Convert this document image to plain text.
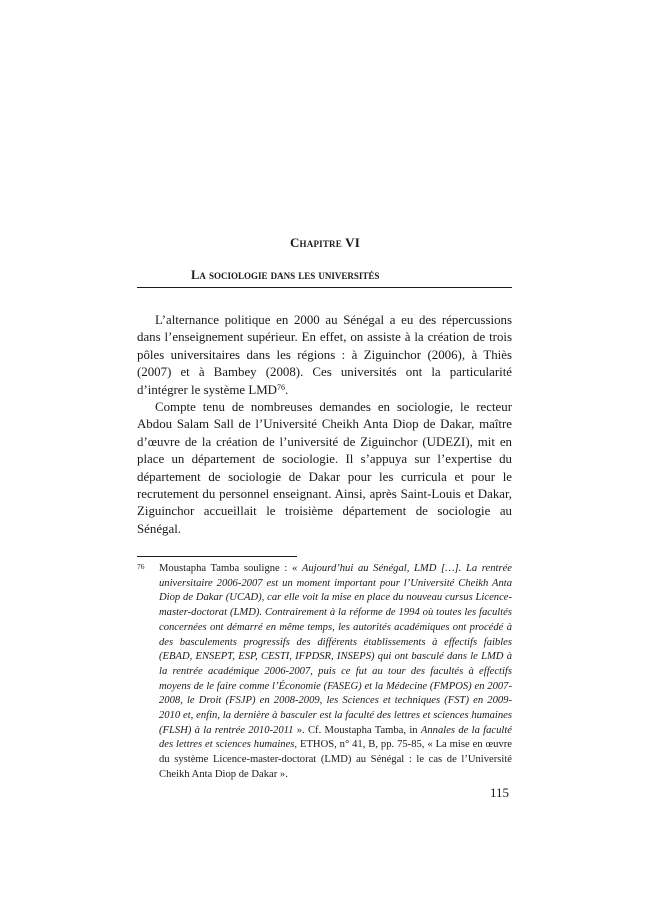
Chapitre VI
La sociologie dans les universités

L’alternance politique en 2000 au Sénégal a eu des répercussions dans l’enseignement supérieur. En effet, on assiste à la création de trois pôles universitaires dans les régions : à Ziguinchor (2006), à Thiès (2007) et à Bambey (2008). Ces universités ont la particularité d’intégrer le système LMD$^{76}$.

Compte tenu de nombreuses demandes en sociologie, le recteur Abdou Salam Sall de l’Université Cheikh Anta Diop de Dakar, maître d’œuvre de la création de l’université de Ziguinchor (UDEZI), mit en place un département de sociologie. Il s’appuya sur l’expertise du département de sociologie de Dakar pour les curricula et pour le recrutement du personnel enseignant. Ainsi, après Saint-Louis et Dakar, Ziguinchor accueillait le troisième département de sociologie au Sénégal.

76 Moustapha Tamba souligne : « Aujourd’hui au Sénégal, LMD […]. La rentrée universitaire 2006-2007 est un moment important pour l’Université Cheikh Anta Diop de Dakar (UCAD), car elle voit la mise en place du nouveau cursus Licence-master-doctorat (LMD). Contrairement à la réforme de 1994 où toutes les facultés concernées ont démarré en même temps, les autorités académiques ont procédé à des basculements progressifs des différents établissements à effectifs faibles (EBAD, ENSEPT, ESP, CESTI, IFPDSR, INSEPS) qui ont basculé dans le LMD à la rentrée académique 2006-2007, puis ce fut au tour des facultés à effectifs moyens de le faire comme l’Économie (FASEG) et la Médecine (FMPOS) en 2007-2008, le Droit (FSJP) en 2008-2009, les Sciences et techniques (FST) en 2009-2010 et, enfin, la dernière à basculer est la faculté des lettres et sciences humaines (FLSH) à la rentrée 2010-2011 ». Cf. Moustapha Tamba, in Annales de la faculté des lettres et sciences humaines, ETHOS, n° 41, B, pp. 75-85, « La mise en œuvre du système Licence-master-doctorat (LMD) au Sénégal : le cas de l’Université Cheikh Anta Diop de Dakar ».
115
